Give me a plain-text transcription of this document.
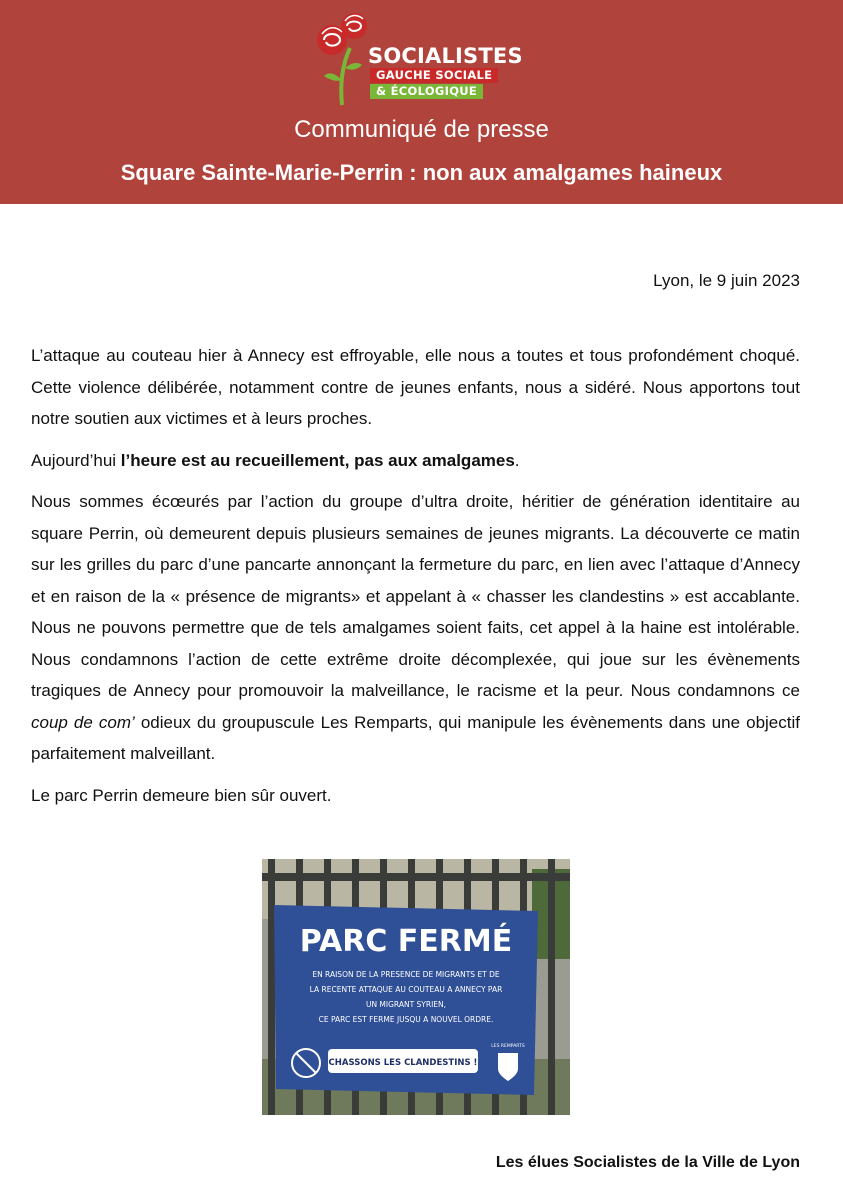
SOCIALISTES
GAUCHE SOCIALE
& ÉCOLOGIQUE
Communiqué de presse
Square Sainte-Marie-Perrin : non aux amalgames haineux
Lyon, le 9 juin 2023

L’attaque au couteau hier à Annecy est effroyable, elle nous a toutes et tous profondément choqué. Cette violence délibérée, notamment contre de jeunes enfants, nous a sidéré. Nous apportons tout notre soutien aux victimes et à leurs proches.

Aujourd’hui l’heure est au recueillement, pas aux amalgames.

Nous sommes écœurés par l’action du groupe d’ultra droite, héritier de génération identitaire au square Perrin, où demeurent depuis plusieurs semaines de jeunes migrants. La découverte ce matin sur les grilles du parc d’une pancarte annonçant la fermeture du parc, en lien avec l’attaque d’Annecy et en raison de la « présence de migrants» et appelant à « chasser les clandestins » est accablante. Nous ne pouvons permettre que de tels amalgames soient faits, cet appel à la haine est intolérable. Nous condamnons l’action de cette extrême droite décomplexée, qui joue sur les évènements tragiques de Annecy pour promouvoir la malveillance, le racisme et la peur. Nous condamnons ce coup de com’ odieux du groupuscule Les Remparts, qui manipule les évènements dans une objectif parfaitement malveillant.

Le parc Perrin demeure bien sûr ouvert.

PARC FERMÉ
EN RAISON DE LA PRESENCE DE MIGRANTS ET DE
LA RECENTE ATTAQUE AU COUTEAU A ANNECY PAR
UN MIGRANT SYRIEN,
CE PARC EST FERME JUSQU A NOUVEL ORDRE.
CHASSONS LES CLANDESTINS !
LES REMPARTS
Les élues Socialistes de la Ville de Lyon
